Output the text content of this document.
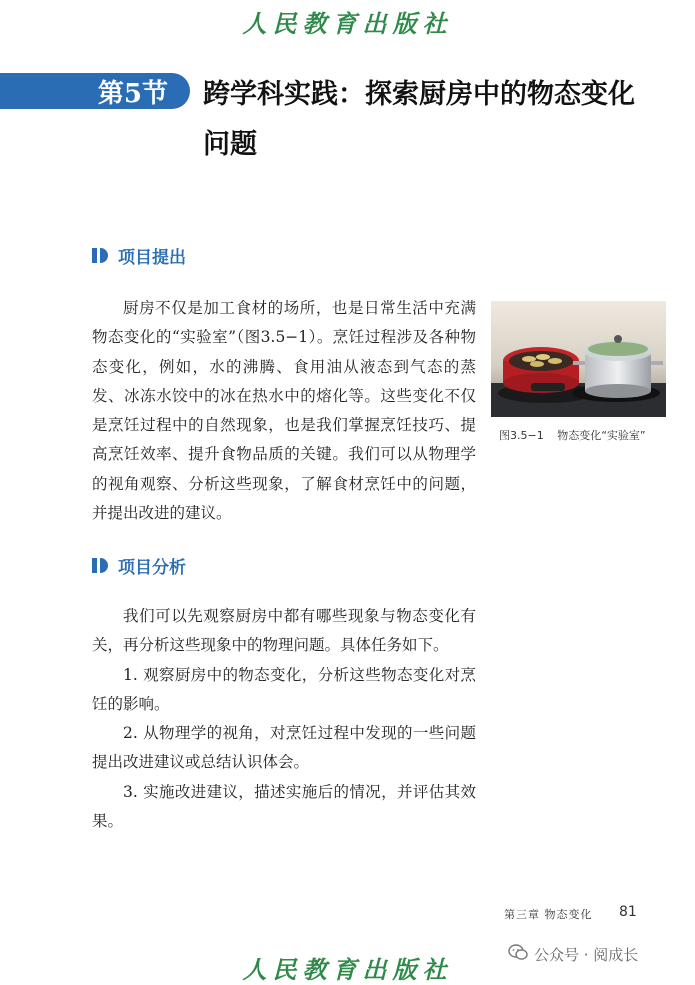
人民教育出版社
第5节	跨学科实践：探索厨房中的物态变化问题
项目提出

厨房不仅是加工食材的场所，也是日常生活中充满物态变化的“实验室”（图3.5−1）。烹饪过程涉及各种物态变化，例如，水的沸腾、食用油从液态到气态的蒸发、冰冻水饺中的冰在热水中的熔化等。这些变化不仅是烹饪过程中的自然现象，也是我们掌握烹饪技巧、提高烹饪效率、提升食物品质的关键。我们可以从物理学的视角观察、分析这些现象，了解食材烹饪中的问题，并提出改进的建议。

图3.5−1 物态变化“实验室”
项目分析

我们可以先观察厨房中都有哪些现象与物态变化有关，再分析这些现象中的物理问题。具体任务如下。

1. 观察厨房中的物态变化，分析这些物态变化对烹饪的影响。

2. 从物理学的视角，对烹饪过程中发现的一些问题提出改进建议或总结认识体会。

3. 实施改进建议，描述实施后的情况，并评估其效果。

第三章 物态变化 81
人民教育出版社	公众号 · 阅成长
